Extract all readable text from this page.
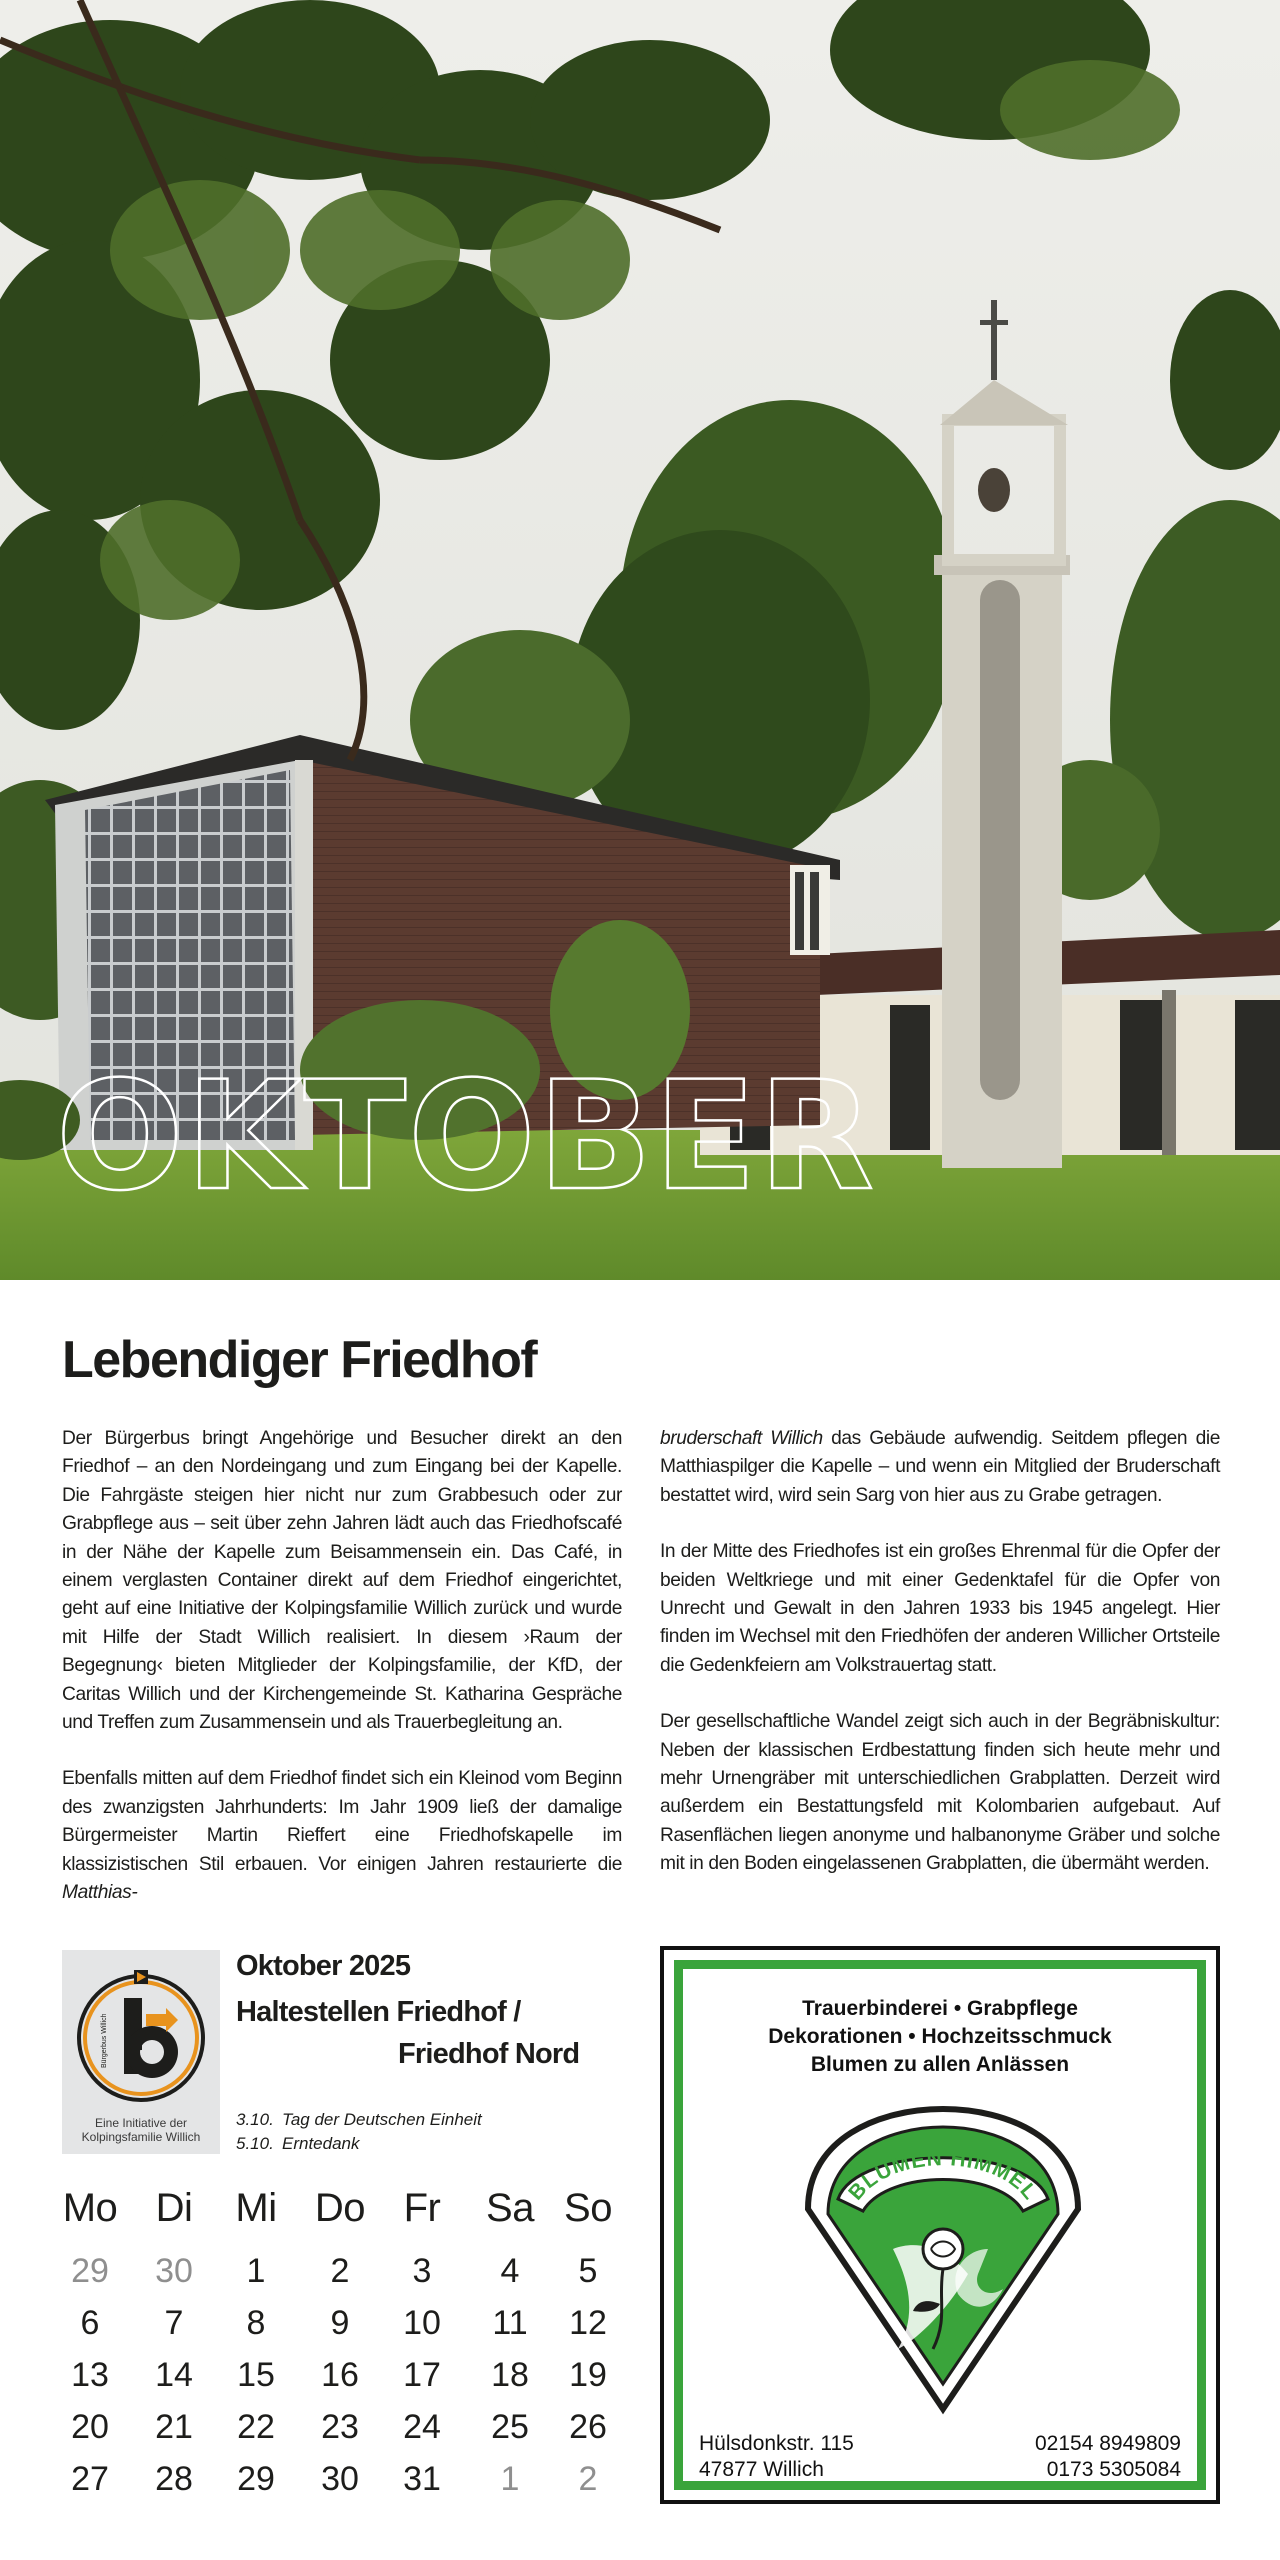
OKTOBER
Lebendiger Friedhof

Der Bürgerbus bringt Angehörige und Besucher direkt an den Friedhof – an den Nordeingang und zum Eingang bei der Kapelle. Die Fahrgäste steigen hier nicht nur zum Grabbesuch oder zur Grabpflege aus – seit über zehn Jahren lädt auch das Friedhofscafé in der Nähe der Kapelle zum Beisammensein ein. Das Café, in einem verglasten Container direkt auf dem Friedhof eingerichtet, geht auf eine Initiative der Kolpingsfamilie Willich zurück und wurde mit Hilfe der Stadt Willich realisiert. In diesem ›Raum der Begegnung‹ bieten Mitglieder der Kolpingsfamilie, der KfD, der Caritas Willich und der Kirchengemeinde St. Katharina Gespräche und Treffen zum Zusammensein und als Trauerbegleitung an.

Ebenfalls mitten auf dem Friedhof findet sich ein Kleinod vom Beginn des zwanzigsten Jahrhunderts: Im Jahr 1909 ließ der damalige Bürgermeister Martin Rieffert eine Friedhofskapelle im klassizistischen Stil erbauen. Vor einigen Jahren restaurierte die Matthias-

bruderschaft Willich das Gebäude aufwendig. Seitdem pflegen die Matthiaspilger die Kapelle – und wenn ein Mitglied der Bruderschaft bestattet wird, wird sein Sarg von hier aus zu Grabe getragen.

In der Mitte des Friedhofes ist ein großes Ehrenmal für die Opfer der beiden Weltkriege und mit einer Gedenktafel für die Opfer von Unrecht und Gewalt in den Jahren 1933 bis 1945 angelegt. Hier finden im Wechsel mit den Friedhöfen der anderen Willicher Ortsteile die Gedenkfeiern am Volkstrauertag statt.

Der gesellschaftliche Wandel zeigt sich auch in der Begräbniskultur: Neben der klassischen Erdbestattung finden sich heute mehr und mehr Urnengräber mit unterschiedlichen Grabplatten. Derzeit wird außerdem ein Bestattungsfeld mit Kolombarien aufgebaut. Auf Rasenflächen liegen anonyme und halbanonyme Gräber und solche mit in den Boden eingelassenen Grabplatten, die übermäht werden.

Bürgerbus Willich
Eine Initiative der
Kolpingsfamilie Willich
Oktober 2025
Haltestellen Friedhof /
Friedhof Nord
3.10. Tag der Deutschen Einheit
5.10. Erntedank
Mo Di	Mi Do Fr	Sa So
29	30	1	2	3	4	5
6	7	8	9	10	11	12
13	14	15	16	17	18	19
20	21	22	23	24	25	26
27	28	29	30	31	1	2
Trauerbinderei • Grabpflege
Dekorationen • Hochzeitsschmuck
Blumen zu allen Anlässen
BLUMEN HIMMEL
Hülsdonkstr. 115
47877 Willich
02154 8949809
0173 5305084
